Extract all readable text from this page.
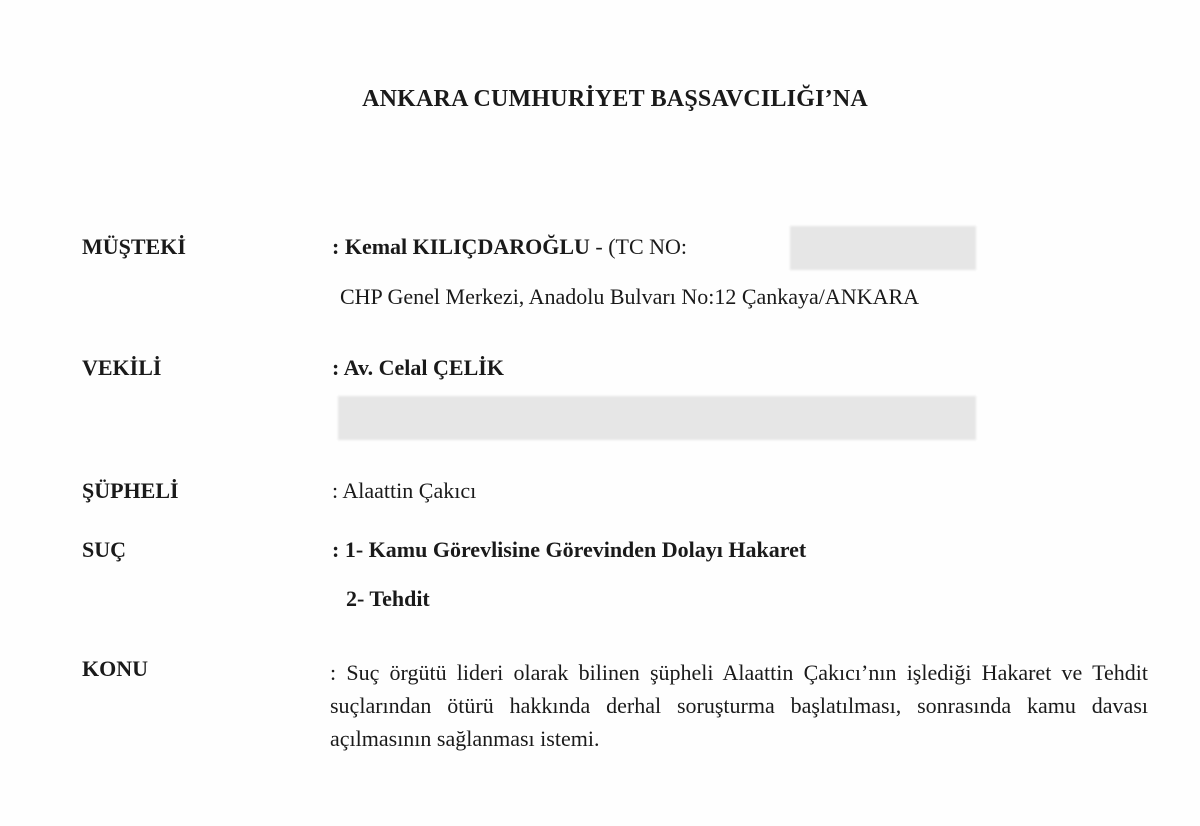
ANKARA CUMHURİYET BAŞSAVCILIĞI’NA
MÜŞTEKİ	: Kemal KILIÇDAROĞLU - (TC NO:
CHP Genel Merkezi, Anadolu Bulvarı No:12 Çankaya/ANKARA
VEKİLİ	: Av. Celal ÇELİK
ŞÜPHELİ	: Alaattin Çakıcı
SUÇ	: 1- Kamu Görevlisine Görevinden Dolayı Hakaret
2- Tehdit
KONU	: Suç örgütü lideri olarak bilinen şüpheli Alaattin Çakıcı’nın işlediği Hakaret ve Tehdit suçlarından ötürü hakkında derhal soruşturma başlatılması, sonrasında kamu davası açılmasının sağlanması istemi.
